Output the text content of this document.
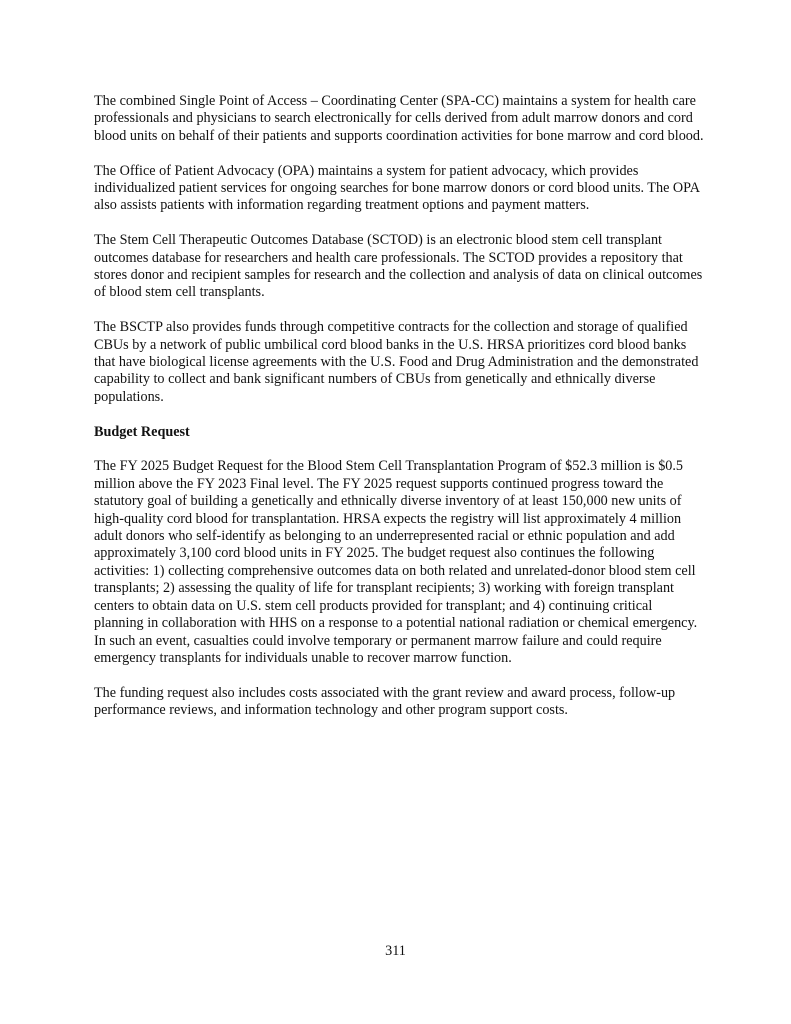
The combined Single Point of Access – Coordinating Center (SPA-CC) maintains a system for health care professionals and physicians to search electronically for cells derived from adult marrow donors and cord blood units on behalf of their patients and supports coordination activities for bone marrow and cord blood.

The Office of Patient Advocacy (OPA) maintains a system for patient advocacy, which provides individualized patient services for ongoing searches for bone marrow donors or cord blood units. The OPA also assists patients with information regarding treatment options and payment matters.

The Stem Cell Therapeutic Outcomes Database (SCTOD) is an electronic blood stem cell transplant outcomes database for researchers and health care professionals. The SCTOD provides a repository that stores donor and recipient samples for research and the collection and analysis of data on clinical outcomes of blood stem cell transplants.

The BSCTP also provides funds through competitive contracts for the collection and storage of qualified CBUs by a network of public umbilical cord blood banks in the U.S. HRSA prioritizes cord blood banks that have biological license agreements with the U.S. Food and Drug Administration and the demonstrated capability to collect and bank significant numbers of CBUs from genetically and ethnically diverse populations.

Budget Request

The FY 2025 Budget Request for the Blood Stem Cell Transplantation Program of $52.3 million is $0.5 million above the FY 2023 Final level. The FY 2025 request supports continued progress toward the statutory goal of building a genetically and ethnically diverse inventory of at least 150,000 new units of high-quality cord blood for transplantation. HRSA expects the registry will list approximately 4 million adult donors who self-identify as belonging to an underrepresented racial or ethnic population and add approximately 3,100 cord blood units in FY 2025. The budget request also continues the following activities: 1) collecting comprehensive outcomes data on both related and unrelated-donor blood stem cell transplants; 2) assessing the quality of life for transplant recipients; 3) working with foreign transplant centers to obtain data on U.S. stem cell products provided for transplant; and 4) continuing critical planning in collaboration with HHS on a response to a potential national radiation or chemical emergency. In such an event, casualties could involve temporary or permanent marrow failure and could require emergency transplants for individuals unable to recover marrow function.

The funding request also includes costs associated with the grant review and award process, follow-up performance reviews, and information technology and other program support costs.

311
